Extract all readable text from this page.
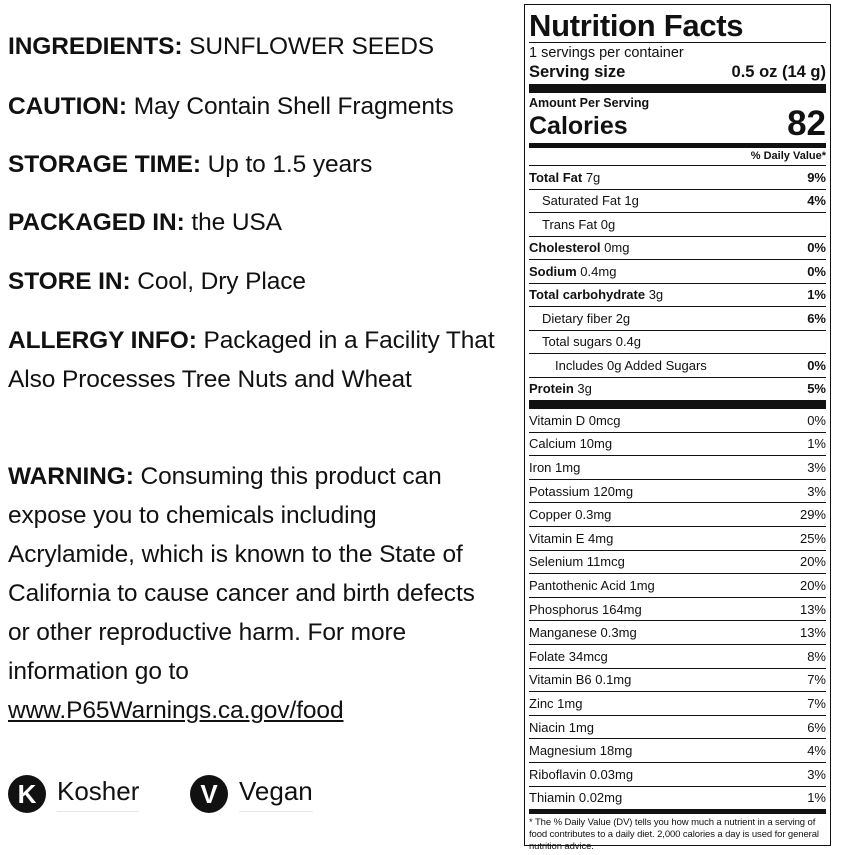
INGREDIENTS: SUNFLOWER SEEDS

CAUTION: May Contain Shell Fragments

STORAGE TIME: Up to 1.5 years

PACKAGED IN: the USA

STORE IN: Cool, Dry Place

ALLERGY INFO: Packaged in a Facility That Also Processes Tree Nuts and Wheat

WARNING: Consuming this product can expose you to chemicals including Acrylamide, which is known to the State of California to cause cancer and birth defects or other reproductive harm. For more information go to www.P65Warnings.ca.gov/food

K Kosher	V Vegan
Nutrition Facts
1 servings per container
Serving size	0.5 oz (14 g)
Amount Per Serving
Calories	82
% Daily Value*
Total Fat 7g	9%
Saturated Fat 1g	4%
Trans Fat 0g
Cholesterol 0mg	0%
Sodium 0.4mg	0%
Total carbohydrate 3g	1%
Dietary fiber 2g	6%
Total sugars 0.4g
Includes 0g Added Sugars	0%
Protein 3g	5%
Vitamin D 0mcg	0%
Calcium 10mg	1%
Iron 1mg	3%
Potassium 120mg	3%
Copper 0.3mg	29%
Vitamin E 4mg	25%
Selenium 11mcg	20%
Pantothenic Acid 1mg	20%
Phosphorus 164mg	13%
Manganese 0.3mg	13%
Folate 34mcg	8%
Vitamin B6 0.1mg	7%
Zinc 1mg	7%
Niacin 1mg	6%
Magnesium 18mg	4%
Riboflavin 0.03mg	3%
Thiamin 0.02mg	1%
* The % Daily Value (DV) tells you how much a nutrient in a serving of food contributes to a daily diet. 2,000 calories a day is used for general nutrition advice.
